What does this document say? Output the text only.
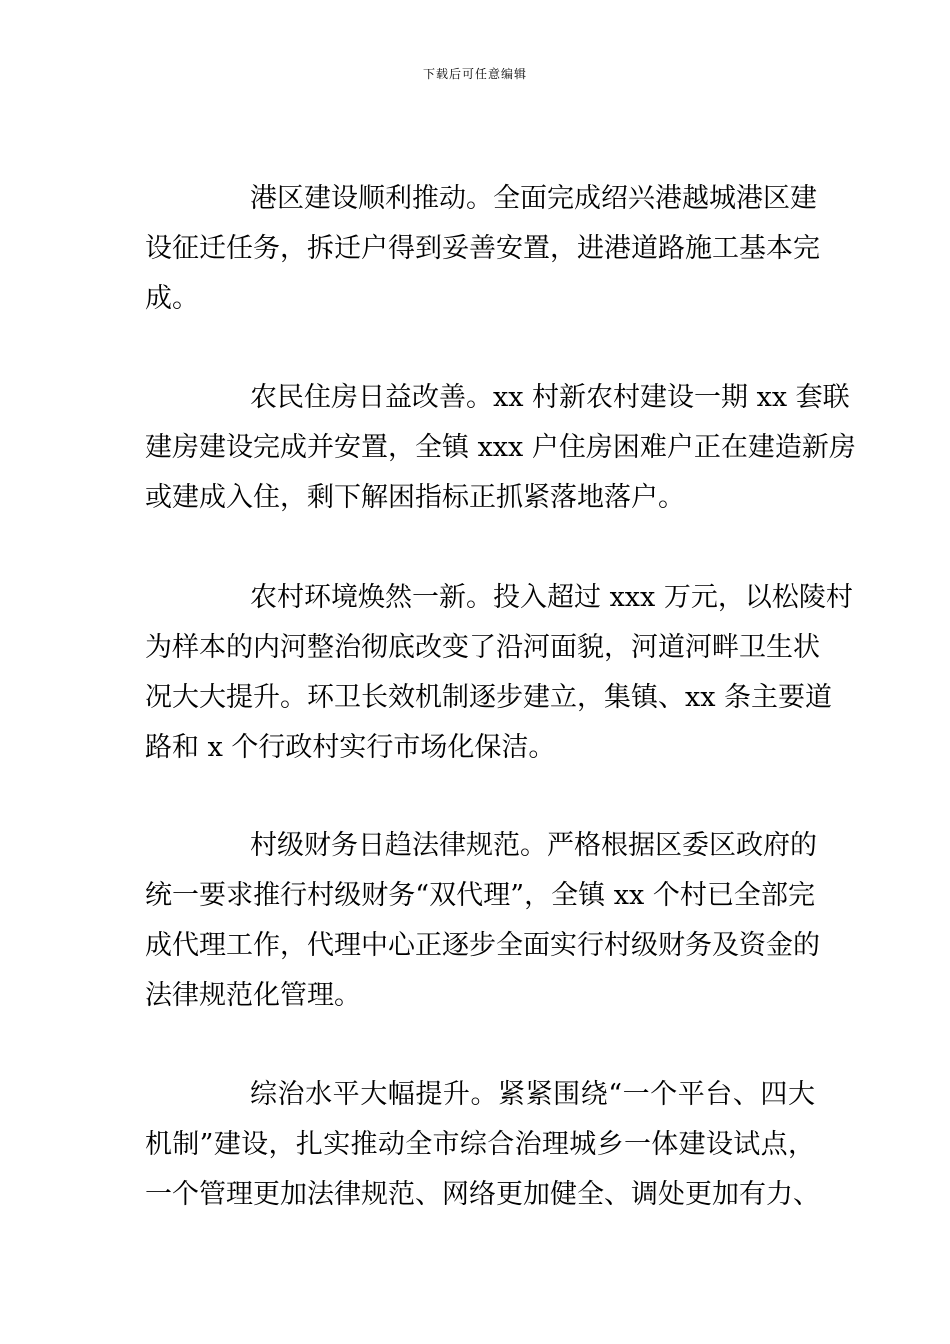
下载后可任意编辑
港区建设顺利推动。全面完成绍兴港越城港区建
设征迁任务，拆迁户得到妥善安置，进港道路施工基本完
成。
农民住房日益改善。xx 村新农村建设一期 xx 套联
建房建设完成并安置，全镇 xxx 户住房困难户正在建造新房
或建成入住，剩下解困指标正抓紧落地落户。
农村环境焕然一新。投入超过 xxx 万元，以松陵村
为样本的内河整治彻底改变了沿河面貌，河道河畔卫生状
况大大提升。环卫长效机制逐步建立，集镇、xx 条主要道
路和 x 个行政村实行市场化保洁。
村级财务日趋法律规范。严格根据区委区政府的
统一要求推行村级财务“双代理”，全镇 xx 个村已全部完
成代理工作，代理中心正逐步全面实行村级财务及资金的
法律规范化管理。
综治水平大幅提升。紧紧围绕“一个平台、四大
机制”建设，扎实推动全市综合治理城乡一体建设试点，
一个管理更加法律规范、网络更加健全、调处更加有力、
